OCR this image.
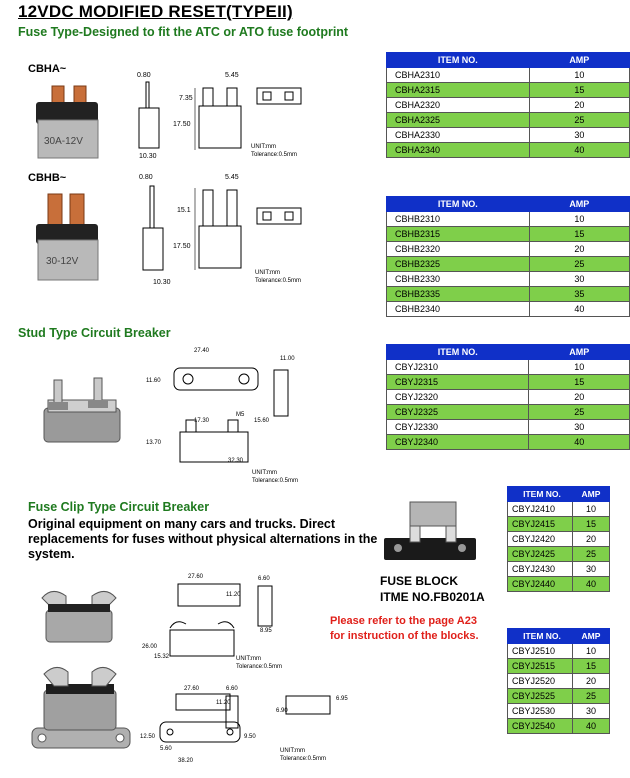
12VDC MODIFIED RESET(TYPEII)
Fuse Type-Designed to fit the ATC or ATO fuse footprint
CBHA~
30A-12V
0.80	5.45
7.35
17.50
10.30
UNIT:mm
Tolerance:0.5mm
ITEM NO.	AMP
CBHA2310	10
CBHA2315	15
CBHA2320	20
CBHA2325	25
CBHA2330	30
CBHA2340	40
CBHB~
30-12V
0.80	5.45
15.1
17.50
10.30
UNIT:mm
Tolerance:0.5mm
ITEM NO.	AMP
CBHB2310	10
CBHB2315	15
CBHB2320	20
CBHB2325	25
CBHB2330	30
CBHB2335	35
CBHB2340	40
Stud Type Circuit Breaker
27.40
11.00
11.60
17.30
M5
15.60
13.70
32.30
UNIT:mm
Tolerance:0.5mm
ITEM NO.	AMP
CBYJ2310	10
CBYJ2315	15
CBYJ2320	20
CBYJ2325	25
CBYJ2330	30
CBYJ2340	40
Fuse Clip Type Circuit Breaker
Original equipment on many cars and trucks. Direct replacements for fuses without physical alternations in the system.
FUSE BLOCK
ITME NO.FB0201A
Please refer to the page A23
for instruction of the blocks.
ITEM NO.	AMP
CBYJ2410	10
CBYJ2415	15
CBYJ2420	20
CBYJ2425	25
CBYJ2430	30
CBYJ2440	40
ITEM NO.	AMP
CBYJ2510	10
CBYJ2515	15
CBYJ2520	20
CBYJ2525	25
CBYJ2530	30
CBYJ2540	40
27.60	6.60
11.20
8.95
26.00
15.32	UNIT:mm
Tolerance:0.5mm
27.60	6.60
11.20
6.95
6.90
12.50	9.50
5.60
38.20
UNIT:mm
Tolerance:0.5mm
